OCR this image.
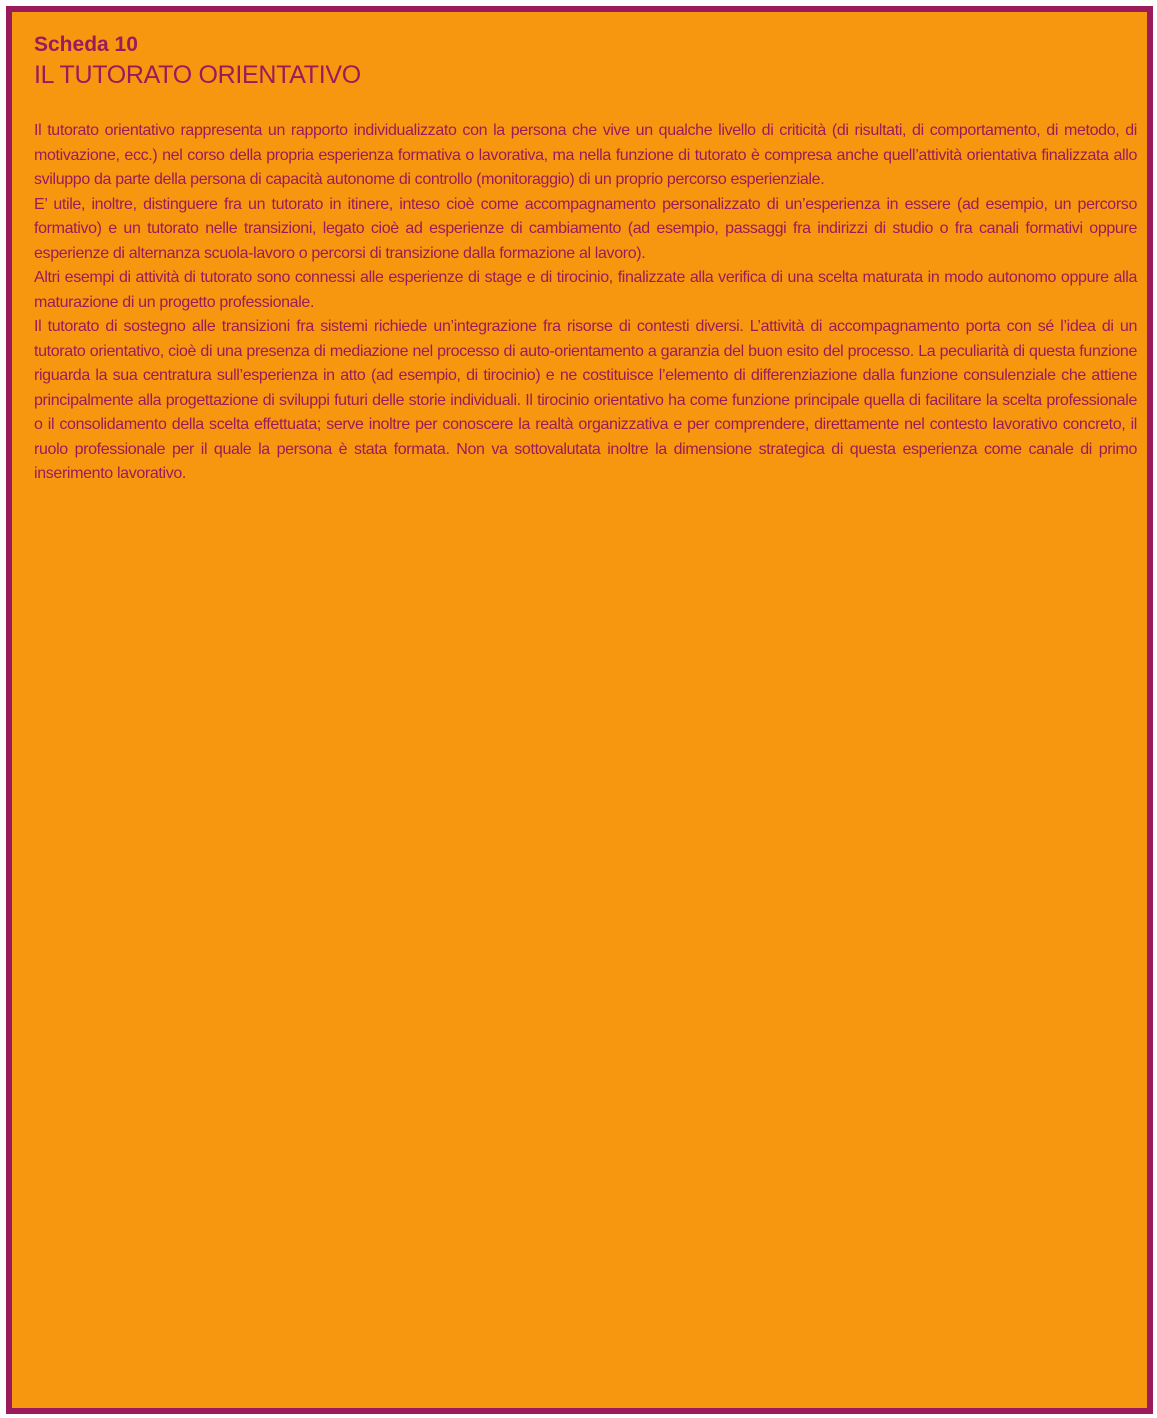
Scheda 10
IL TUTORATO ORIENTATIVO

Il tutorato orientativo rappresenta un rapporto individualizzato con la persona che vive un qualche livello di criticità (di risultati, di comportamento, di metodo, di motivazione, ecc.) nel corso della propria esperienza formativa o lavorativa, ma nella funzione di tutorato è compresa anche quell’attività orientativa finalizzata allo sviluppo da parte della persona di capacità autonome di controllo (monitoraggio) di un proprio percorso esperienziale.

E’ utile, inoltre, distinguere fra un tutorato in itinere, inteso cioè come accompagnamento personalizzato di un’esperienza in essere (ad esempio, un percorso formativo) e un tutorato nelle transizioni, legato cioè ad esperienze di cambiamento (ad esempio, passaggi fra indirizzi di studio o fra canali formativi oppure esperienze di alternanza scuola-lavoro o percorsi di transizione dalla formazione al lavoro).

Altri esempi di attività di tutorato sono connessi alle esperienze di stage e di tirocinio, finalizzate alla verifica di una scelta maturata in modo autonomo oppure alla maturazione di un progetto professionale.

Il tutorato di sostegno alle transizioni fra sistemi richiede un’integrazione fra risorse di contesti diversi. L’attività di accompagnamento porta con sé l’idea di un tutorato orientativo, cioè di una presenza di mediazione nel processo di auto-orientamento a garanzia del buon esito del processo. La peculiarità di questa funzione riguarda la sua centratura sull’esperienza in atto (ad esempio, di tirocinio) e ne costituisce l’elemento di differenziazione dalla funzione consulenziale che attiene principalmente alla progettazione di sviluppi futuri delle storie individuali. Il tirocinio orientativo ha come funzione principale quella di facilitare la scelta professionale o il consolidamento della scelta effettuata; serve inoltre per conoscere la realtà organizzativa e per comprendere, direttamente nel contesto lavorativo concreto, il ruolo professionale per il quale la persona è stata formata. Non va sottovalutata inoltre la dimensione strategica di questa esperienza come canale di primo inserimento lavorativo.
